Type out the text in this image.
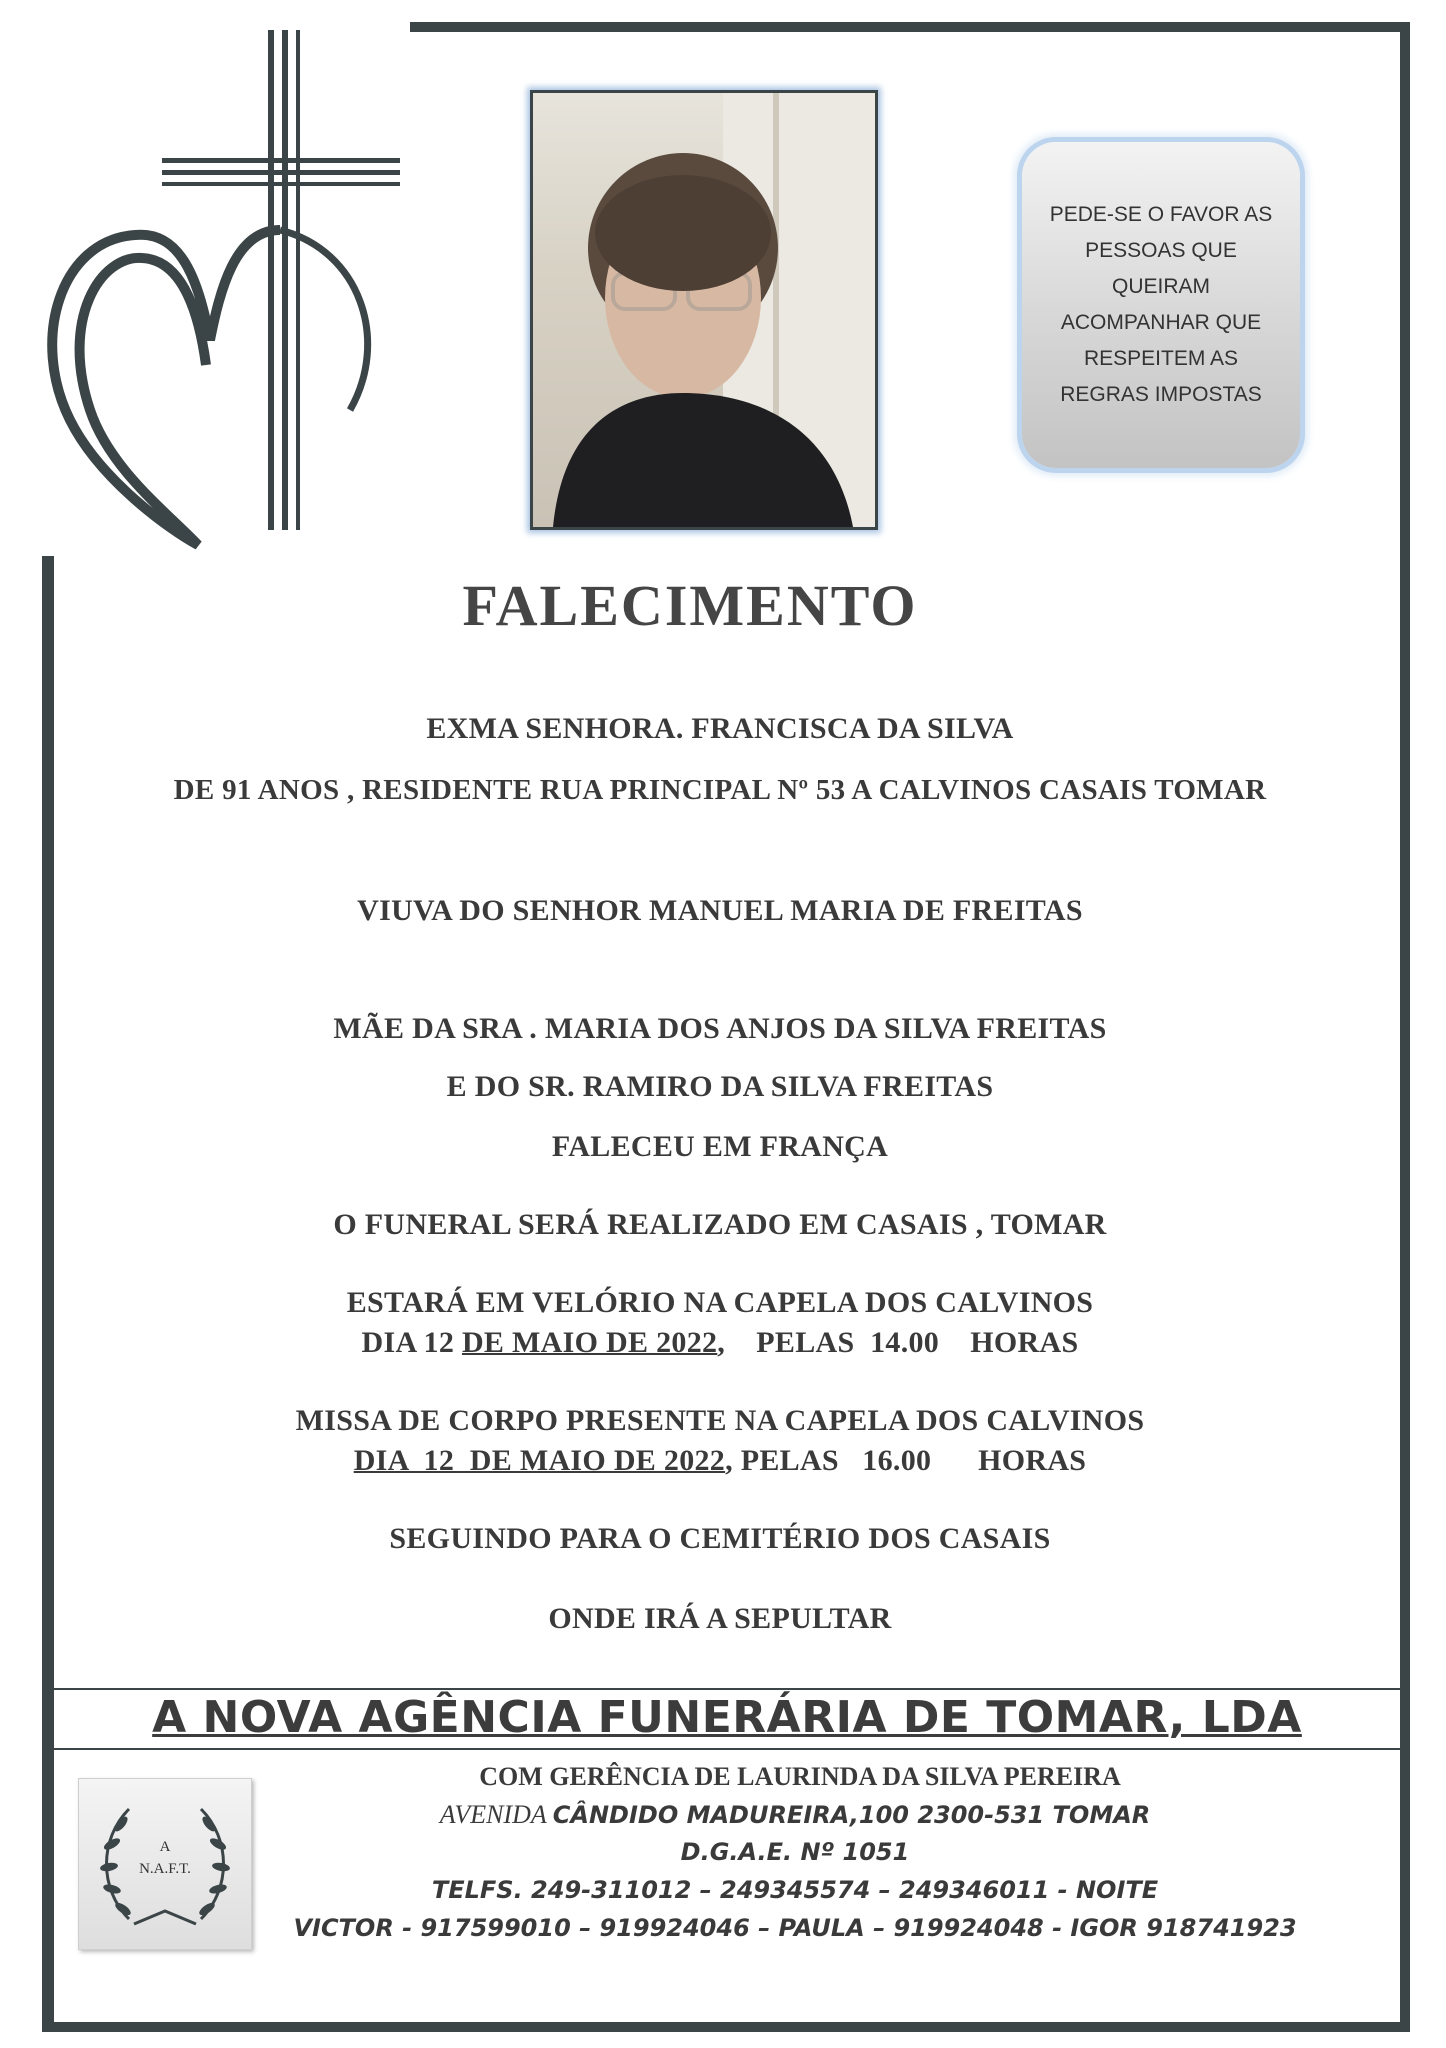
PEDE-SE O FAVOR AS
PESSOAS QUE
QUEIRAM
ACOMPANHAR QUE
RESPEITEM AS
REGRAS IMPOSTAS
FALECIMENTO
EXMA SENHORA. FRANCISCA DA SILVA
DE 91 ANOS , RESIDENTE RUA PRINCIPAL Nº 53 A CALVINOS CASAIS TOMAR
VIUVA DO SENHOR MANUEL MARIA DE FREITAS
MÃE DA SRA . MARIA DOS ANJOS DA SILVA FREITAS
E DO SR. RAMIRO DA SILVA FREITAS
FALECEU EM FRANÇA
O FUNERAL SERÁ REALIZADO EM CASAIS , TOMAR
ESTARÁ EM VELÓRIO NA CAPELA DOS CALVINOS
DIA 12 DE MAIO DE 2022,    PELAS  14.00    HORAS
MISSA DE CORPO PRESENTE NA CAPELA DOS CALVINOS
DIA  12  DE MAIO DE 2022, PELAS   16.00      HORAS
SEGUINDO PARA O CEMITÉRIO DOS CASAIS
ONDE IRÁ A SEPULTAR
A NOVA AGÊNCIA FUNERÁRIA DE TOMAR, LDA
COM GERÊNCIA DE LAURINDA DA SILVA PEREIRA
AVENIDA CÂNDIDO MADUREIRA,100 2300-531 TOMAR
D.G.A.E. Nº 1051
TELFS. 249-311012 – 249345574 – 249346011 - NOITE
VICTOR - 917599010 – 919924046 – PAULA – 919924048 - IGOR 918741923
A
N.A.F.T.
